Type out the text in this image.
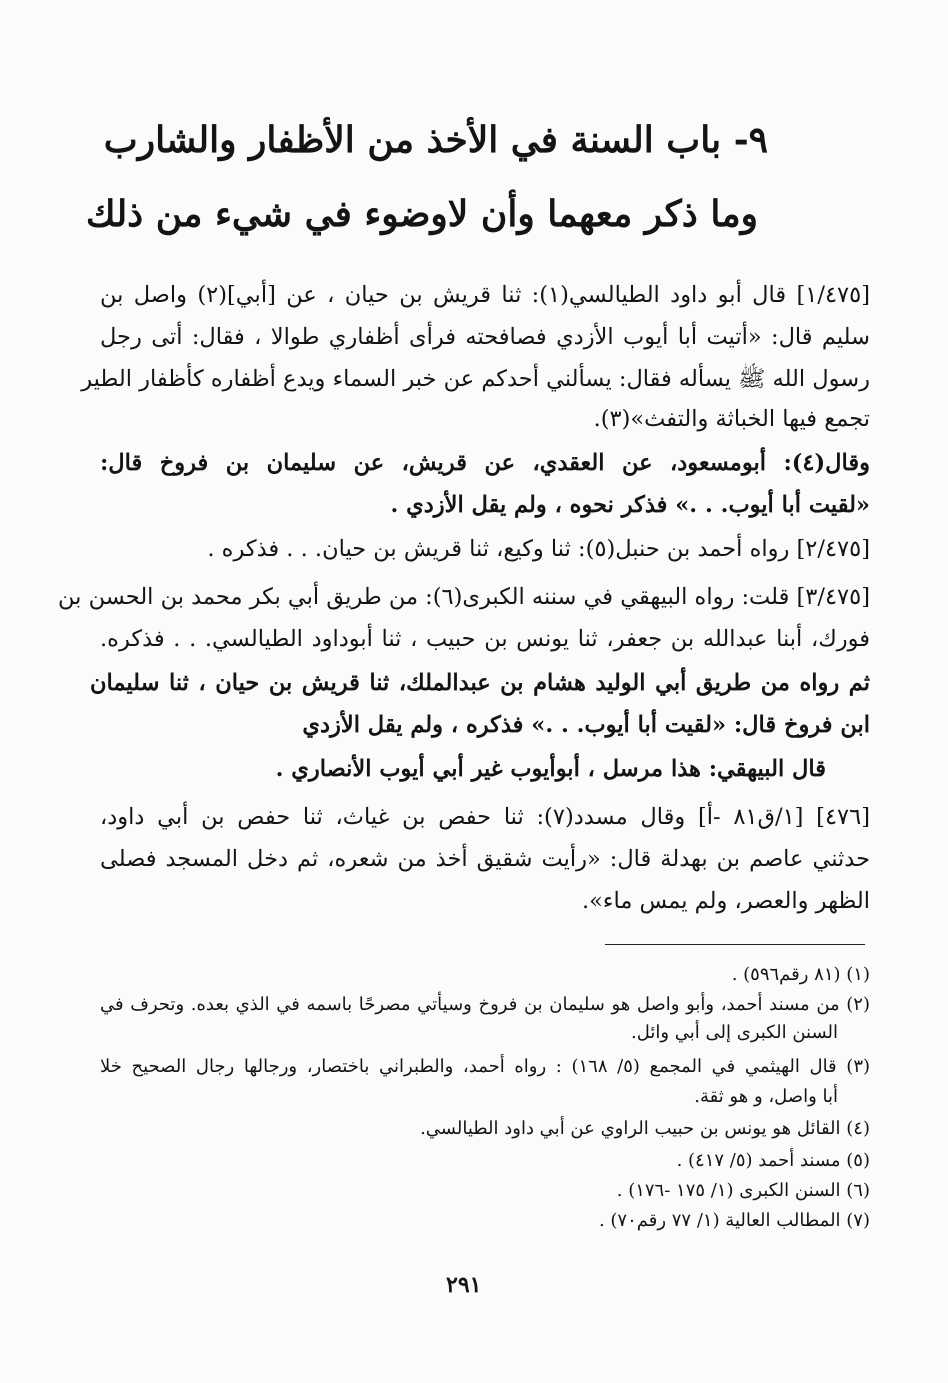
٩- باب السنة في الأخذ من الأظفار والشارب
وما ذكر معهما وأن لاوضوء في شيء من ذلك
[١/٤٧٥] قال أبو داود الطيالسي(١): ثنا قريش بن حيان ، عن [أبي](٢) واصل بن
سليم قال: «أتيت أبا أيوب الأزدي فصافحته فرأى أظفاري طوالا ، فقال: أتى رجل
رسول الله ﷺ يسأله فقال: يسألني أحدكم عن خبر السماء ويدع أظفاره كأظفار الطير
تجمع فيها الخباثة والتفث»(٣).
وقال(٤): أبومسعود، عن العقدي، عن قريش، عن سليمان بن فروخ قال:
«لقيت أبا أيوب. . .» فذكر نحوه ، ولم يقل الأزدي .
[٢/٤٧٥] رواه أحمد بن حنبل(٥): ثنا وكيع، ثنا قريش بن حيان. . . فذكره .
[٣/٤٧٥] قلت: رواه البيهقي في سننه الكبرى(٦): من طريق أبي بكر محمد بن الحسن بن
فورك، أبنا عبدالله بن جعفر، ثنا يونس بن حبيب ، ثنا أبوداود الطيالسي. . . فذكره.
ثم رواه من طريق أبي الوليد هشام بن عبدالملك، ثنا قريش بن حيان ، ثنا سليمان
ابن فروخ قال: «لقيت أبا أيوب. . .» فذكره ، ولم يقل الأزدي
قال البيهقي: هذا مرسل ، أبوأيوب غير أبي أيوب الأنصاري .
[٤٧٦] [١/ق٨١ -أ] وقال مسدد(٧): ثنا حفص بن غياث، ثنا حفص بن أبي داود،
حدثني عاصم بن بهدلة قال: «رأيت شقيق أخذ من شعره، ثم دخل المسجد فصلى
الظهر والعصر، ولم يمس ماء».
(١) (٨١ رقم٥٩٦) .
(٢) من مسند أحمد، وأبو واصل هو سليمان بن فروخ وسيأتي مصرحًا باسمه في الذي بعده. وتحرف في
السنن الكبرى إلى أبي وائل.
(٣) قال الهيثمي في المجمع (٥/ ١٦٨) : رواه أحمد، والطبراني باختصار، ورجالها رجال الصحيح خلا
أبا واصل، و هو ثقة.
(٤) القائل هو يونس بن حبيب الراوي عن أبي داود الطيالسي.
(٥) مسند أحمد (٥/ ٤١٧) .
(٦) السنن الكبرى (١/ ١٧٥ -١٧٦) .
(٧) المطالب العالية (١/ ٧٧ رقم٧٠) .
٢٩١
